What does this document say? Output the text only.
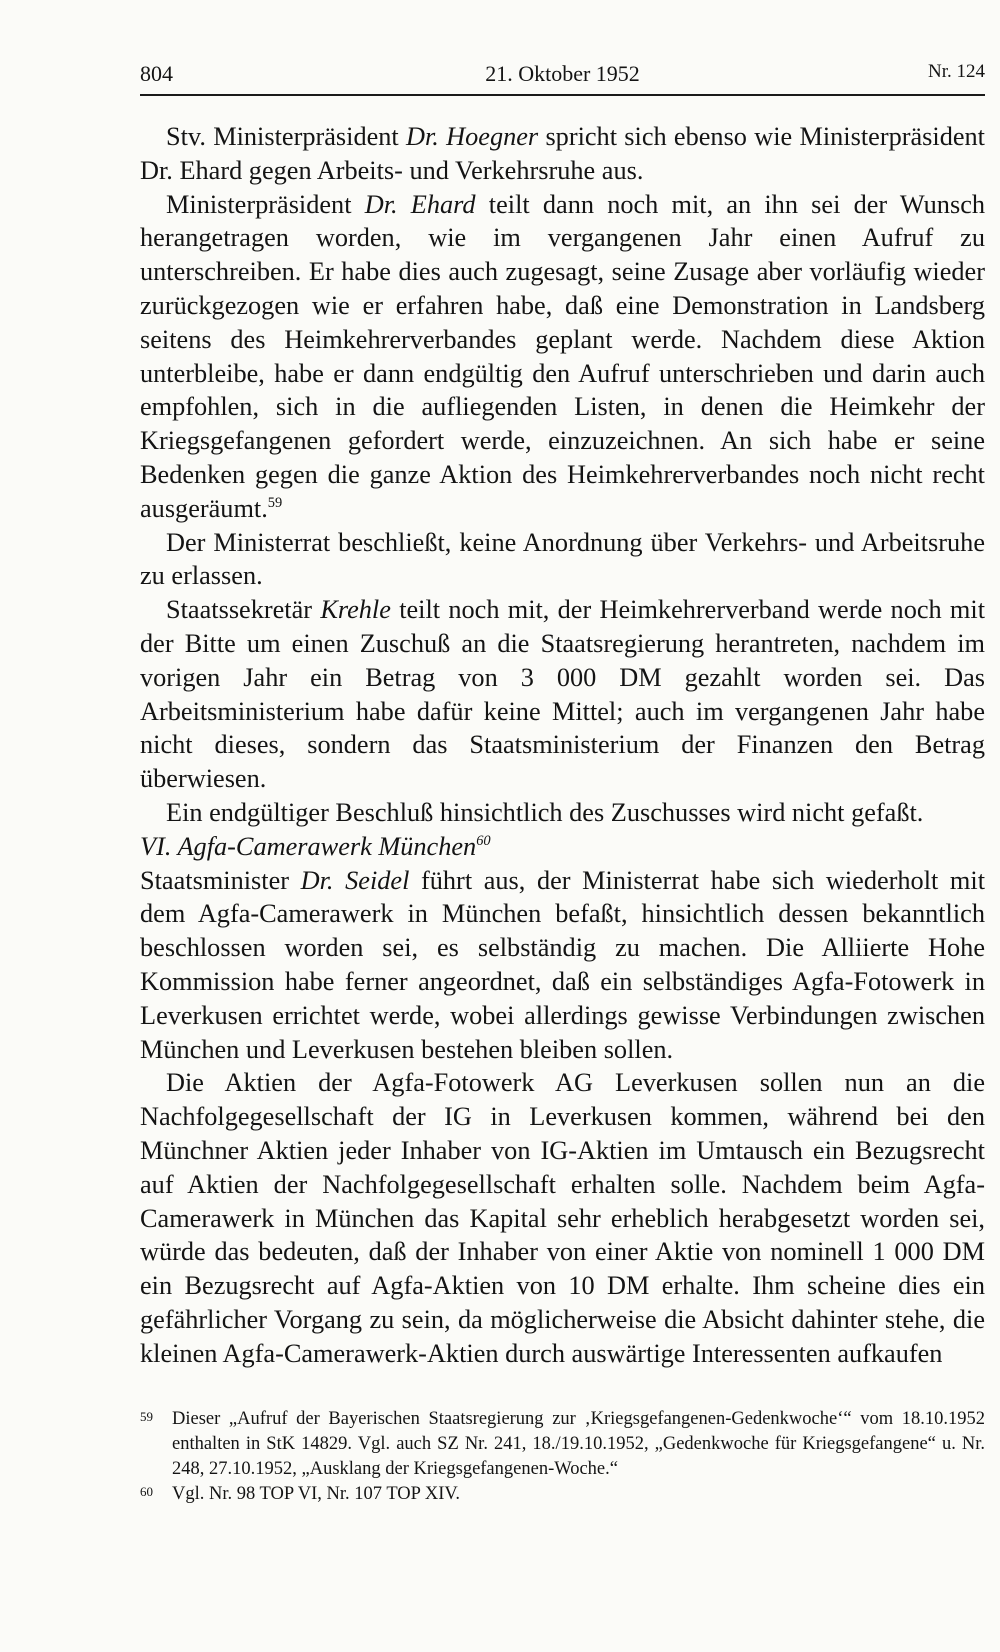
804	21. Oktober 1952	Nr. 124

Stv. Ministerpräsident Dr. Hoegner spricht sich ebenso wie Ministerpräsident Dr. Ehard gegen Arbeits- und Verkehrsruhe aus.

Ministerpräsident Dr. Ehard teilt dann noch mit, an ihn sei der Wunsch herangetragen worden, wie im vergangenen Jahr einen Aufruf zu unterschreiben. Er habe dies auch zugesagt, seine Zusage aber vorläufig wieder zurückgezogen wie er erfahren habe, daß eine Demonstration in Landsberg seitens des Heimkehrerverbandes geplant werde. Nachdem diese Aktion unterbleibe, habe er dann endgültig den Aufruf unterschrieben und darin auch empfohlen, sich in die aufliegenden Listen, in denen die Heimkehr der Kriegsgefangenen gefordert werde, einzuzeichnen. An sich habe er seine Bedenken gegen die ganze Aktion des Heimkehrerverbandes noch nicht recht ausgeräumt.$^{59}$

Der Ministerrat beschließt, keine Anordnung über Verkehrs- und Arbeitsruhe zu erlassen.

Staatssekretär Krehle teilt noch mit, der Heimkehrerverband werde noch mit der Bitte um einen Zuschuß an die Staatsregierung herantreten, nachdem im vorigen Jahr ein Betrag von 3 000 DM gezahlt worden sei. Das Arbeitsministerium habe dafür keine Mittel; auch im vergangenen Jahr habe nicht dieses, sondern das Staatsministerium der Finanzen den Betrag überwiesen.

Ein endgültiger Beschluß hinsichtlich des Zuschusses wird nicht gefaßt.

VI. Agfa-Camerawerk München$^{60}$

Staatsminister Dr. Seidel führt aus, der Ministerrat habe sich wiederholt mit dem Agfa-Camerawerk in München befaßt, hinsichtlich dessen bekanntlich beschlossen worden sei, es selbständig zu machen. Die Alliierte Hohe Kommission habe ferner angeordnet, daß ein selbständiges Agfa-Fotowerk in Leverkusen errichtet werde, wobei allerdings gewisse Verbindungen zwischen München und Leverkusen bestehen bleiben sollen.

Die Aktien der Agfa-Fotowerk AG Leverkusen sollen nun an die Nachfolgegesellschaft der IG in Leverkusen kommen, während bei den Münchner Aktien jeder Inhaber von IG-Aktien im Umtausch ein Bezugsrecht auf Aktien der Nachfolgegesellschaft erhalten solle. Nachdem beim Agfa-Camerawerk in München das Kapital sehr erheblich herabgesetzt worden sei, würde das bedeuten, daß der Inhaber von einer Aktie von nominell 1 000 DM ein Bezugsrecht auf Agfa-Aktien von 10 DM erhalte. Ihm scheine dies ein gefährlicher Vorgang zu sein, da möglicherweise die Absicht dahinter stehe, die kleinen Agfa-Camerawerk-Aktien durch auswärtige Interessenten aufkaufen

59 Dieser „Aufruf der Bayerischen Staatsregierung zur ‚Kriegsgefangenen-Gedenkwoche‘“ vom 18.10.1952 enthalten in StK 14829. Vgl. auch SZ Nr. 241, 18./19.10.1952, „Gedenkwoche für Kriegsgefangene“ u. Nr. 248, 27.10.1952, „Ausklang der Kriegsgefangenen-Woche.“
60 Vgl. Nr. 98 TOP VI, Nr. 107 TOP XIV.
